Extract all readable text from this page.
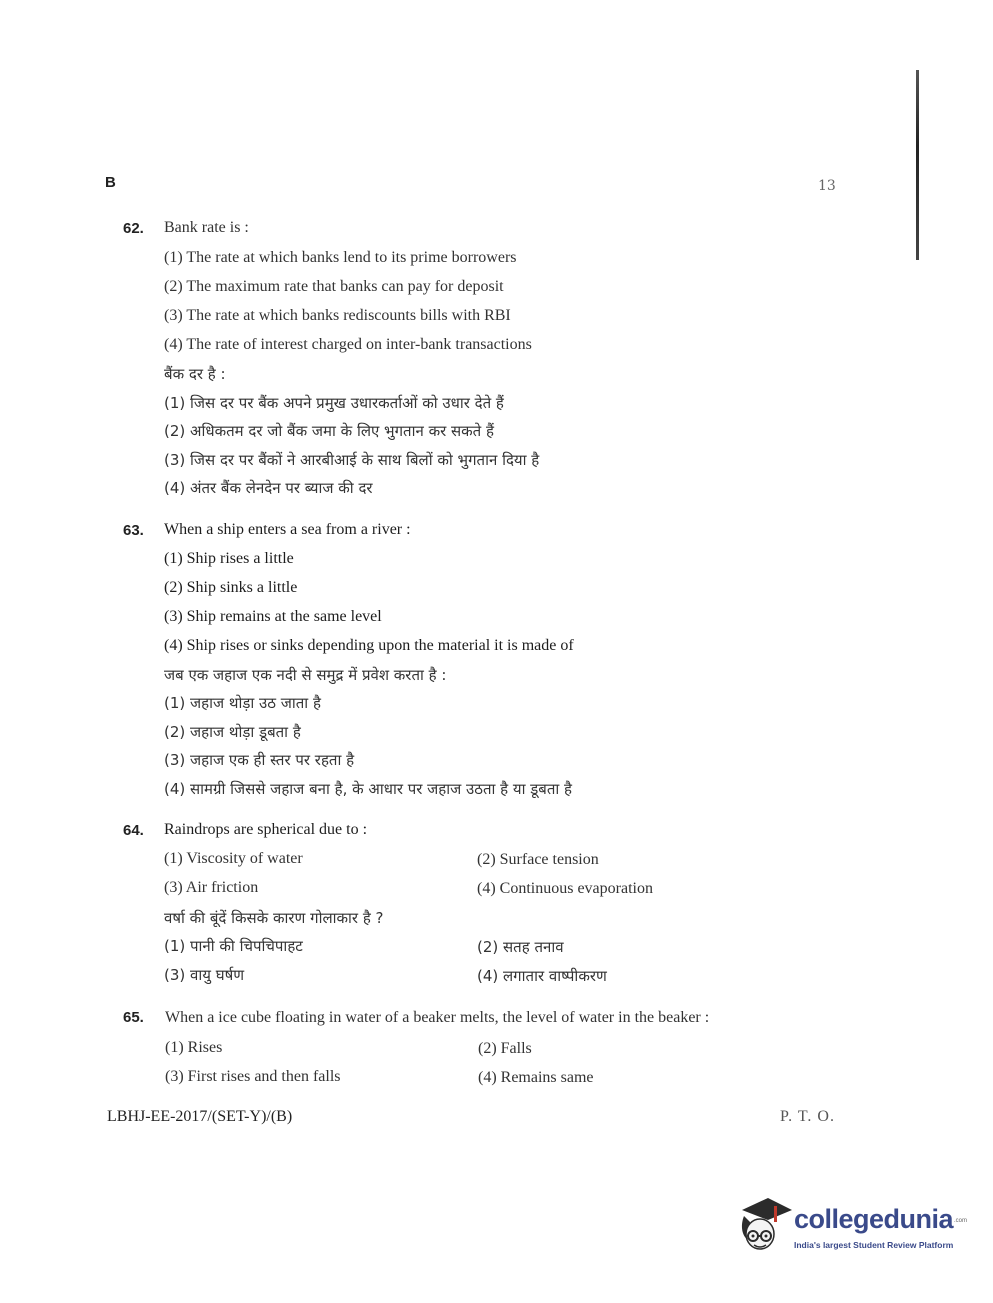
B	13
62. Bank rate is :
(1) The rate at which banks lend to its prime borrowers
(2) The maximum rate that banks can pay for deposit
(3) The rate at which banks rediscounts bills with RBI
(4) The rate of interest charged on inter-bank transactions
बैंक दर है :
(1) जिस दर पर बैंक अपने प्रमुख उधारकर्ताओं को उधार देते हैं
(2) अधिकतम दर जो बैंक जमा के लिए भुगतान कर सकते हैं
(3) जिस दर पर बैंकों ने आरबीआई के साथ बिलों को भुगतान दिया है
(4) अंतर बैंक लेनदेन पर ब्याज की दर
63. When a ship enters a sea from a river :
(1) Ship rises a little
(2) Ship sinks a little
(3) Ship remains at the same level
(4) Ship rises or sinks depending upon the material it is made of
जब एक जहाज एक नदी से समुद्र में प्रवेश करता है :
(1) जहाज थोड़ा उठ जाता है
(2) जहाज थोड़ा डूबता है
(3) जहाज एक ही स्तर पर रहता है
(4) सामग्री जिससे जहाज बना है, के आधार पर जहाज उठता है या डूबता है
64. Raindrops are spherical due to :
(1) Viscosity of water	(2) Surface tension
(3) Air friction	(4) Continuous evaporation
वर्षा की बूंदें किसके कारण गोलाकार है ?
(1) पानी की चिपचिपाहट	(2) सतह तनाव
(3) वायु घर्षण	(4) लगातार वाष्पीकरण
65. When a ice cube floating in water of a beaker melts, the level of water in the beaker :
(1) Rises	(2) Falls
(3) First rises and then falls	(4) Remains same
LBHJ-EE-2017/(SET-Y)/(B)	P. T. O.
collegedunia .com
India's largest Student Review Platform
